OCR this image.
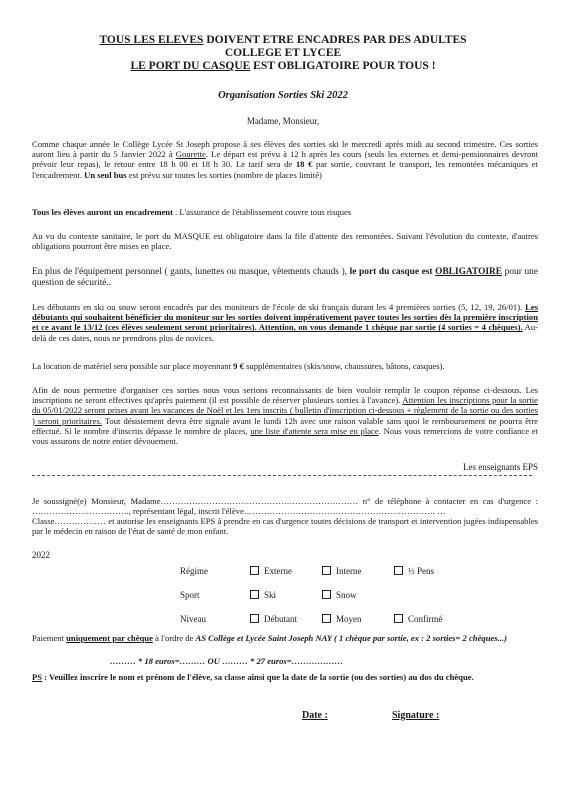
TOUS LES ELEVES DOIVENT ETRE ENCADRES PAR DES ADULTES
COLLEGE ET LYCEE
LE PORT DU CASQUE EST OBLIGATOIRE POUR TOUS !
Organisation Sorties Ski 2022
Madame, Monsieur,
Comme chaque année le Collège Lycée St Joseph propose à ses élèves des sorties ski le mercredi après midi au second trimestre. Ces sorties auront lieu à partir du 5 Janvier 2022 à Gourette. Le départ est prévu à 12 h après les cours (seuls les externes et demi-pensionnaires devront prévoir leur repas), le retour entre 18 h 00 et 18 h 30. Le tarif sera de 18 € par sortie, couvrant le transport, les remontées mécaniques et l'encadrement. Un seul bus est prévu sur toutes les sorties (nombre de places limité)
Tous les élèves auront un encadrement . L'assurance de l'établissement couvre tous risques
Au vu du contexte sanitaire, le port du MASQUE est obligatoire dans la file d'attente des remontées. Suivant l'évolution du contexte, d'autres obligations pourront être mises en place.
En plus de l'équipement personnel ( gants, lunettes ou masque, vêtements chauds ), le port du casque est OBLIGATOIRE pour une question de sécurité..
Les débutants en ski ou snow seront encadrés par des moniteurs de l'école de ski français durant les 4 premières sorties (5, 12, 19, 26/01). Les débutants qui souhaitent bénéficier du moniteur sur les sorties doivent impérativement payer toutes les sorties dès la première inscription et ce avant le 13/12 (ces élèves seulement seront prioritaires). Attention, on vous demande 1 chèque par sortie (4 sorties = 4 chèques). Au-delà de ces dates, nous ne prendrons plus de novices.
La location de matériel sera possible sur place moyennant 9 € supplémentaires (skis/snow, chaussures, bâtons, casques).
Afin de nous permettre d'organiser ces sorties nous vous serions reconnaissants de bien vouloir remplir le coupon réponse ci-dessous. Les inscriptions ne seront effectives qu'après paiement (il est possible de réserver plusieurs sorties à l'avance). Attention les inscriptions pour la sortie du 05/01/2022 seront prises avant les vacances de Noël et les 1ers inscrits ( bulletin d'inscription ci-dessous + règlement de la sortie ou des sorties ) seront prioritaires. Tout désistement devra être signalé avant le lundi 12h avec une raison valable sans quoi le remboursement ne pourra être effectué. Si le nombre d'inscrits dépasse le nombre de places, une liste d'attente sera mise en place. Nous vous remercions de votre confiance et vous assurons de notre entier dévouement.
Les enseignants EPS
Je soussigné(e) Monsieur, Madame…………………………………………………………… n° de téléphone à contacter en cas d'urgence : ……………………………., représentant légal, inscrit l'élève…………………………………………………………. …
Classe……………… et autorise les enseignants EPS à prendre en cas d'urgence toutes décisions de transport et intervention jugées indispensables par le médecin en raison de l'état de santé de mon enfant.
2022
Régime	Externe	Interne	½ Pens
Sport	Ski	Snow
Niveau	Débutant	Moyen	Confirmé
Paiement uniquement par chèque à l'ordre de AS Collège et Lycée Saint Joseph NAY ( 1 chèque par sortie, ex : 2 sorties= 2 chèques...)
……… * 18 euros=……… OU ……… * 27 euros=………………
PS : Veuillez inscrire le nom et prénom de l'élève, sa classe ainsi que la date de la sortie (ou des sorties) au dos du chèque.
Date :	Signature :
